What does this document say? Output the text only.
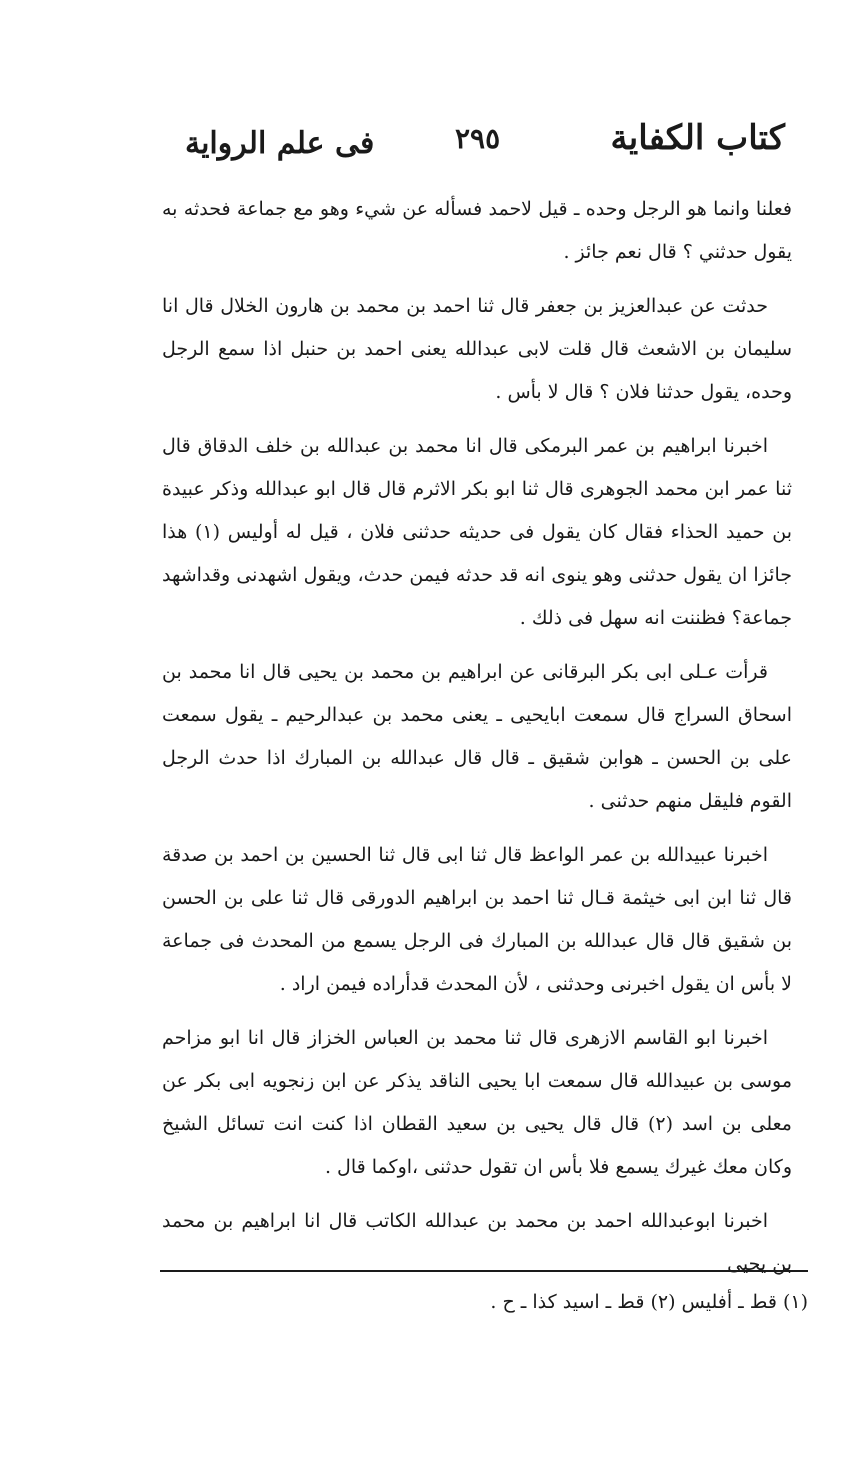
كتاب الكفاية
٢٩٥
فى علم الرواية

فعلنا وانما هو الرجل وحده ـ قيل لاحمد فسأله عن شيء وهو مع جماعة فحدثه به يقول حدثني ؟ قال نعم جائز .

حدثت عن عبدالعزيز بن جعفر قال ثنا احمد بن محمد بن هارون الخلال قال انا سليمان بن الاشعث قال قلت لابى عبدالله يعنى احمد بن حنبل اذا سمع الرجل وحده، يقول حدثنا فلان ؟ قال لا بأس .

اخبرنا ابراهيم بن عمر البرمكى قال انا محمد بن عبدالله بن خلف الدقاق قال ثنا عمر ابن محمد الجوهرى قال ثنا ابو بكر الاثرم قال قال ابو عبدالله وذكر عبيدة بن حميد الحذاء فقال كان يقول فى حديثه حدثنى فلان ، قيل له أوليس (١) هذا جائزا ان يقول حدثنى وهو ينوى انه قد حدثه فيمن حدث، ويقول اشهدنى وقداشهد جماعة؟ فظننت انه سهل فى ذلك .

قرأت عـلى ابى بكر البرقانى عن ابراهيم بن محمد بن يحيى قال انا محمد بن اسحاق السراج قال سمعت ابايحيى ـ يعنى محمد بن عبدالرحيم ـ يقول سمعت على بن الحسن ـ هوابن شقيق ـ قال قال عبدالله بن المبارك اذا حدث الرجل القوم فليقل منهم حدثنى .

اخبرنا عبيدالله بن عمر الواعظ قال ثنا ابى قال ثنا الحسين بن احمد بن صدقة قال ثنا ابن ابى خيثمة قـال ثنا احمد بن ابراهيم الدورقى قال ثنا على بن الحسن بن شقيق قال قال عبدالله بن المبارك فى الرجل يسمع من المحدث فى جماعة لا بأس ان يقول اخبرنى وحدثنى ، لأن المحدث قدأراده فيمن اراد .

اخبرنا ابو القاسم الازهرى قال ثنا محمد بن العباس الخزاز قال انا ابو مزاحم موسى بن عبيدالله قال سمعت ابا يحيى الناقد يذكر عن ابن زنجويه ابى بكر عن معلى بن اسد (٢) قال قال يحيى بن سعيد القطان اذا كنت انت تسائل الشيخ وكان معك غيرك يسمع فلا بأس ان تقول حدثنى ،اوكما قال .

اخبرنا ابوعبدالله احمد بن محمد بن عبدالله الكاتب قال انا ابراهيم بن محمد بن يحيى

(١) قط ـ أفليس (٢) قط ـ اسيد كذا ـ ح .
